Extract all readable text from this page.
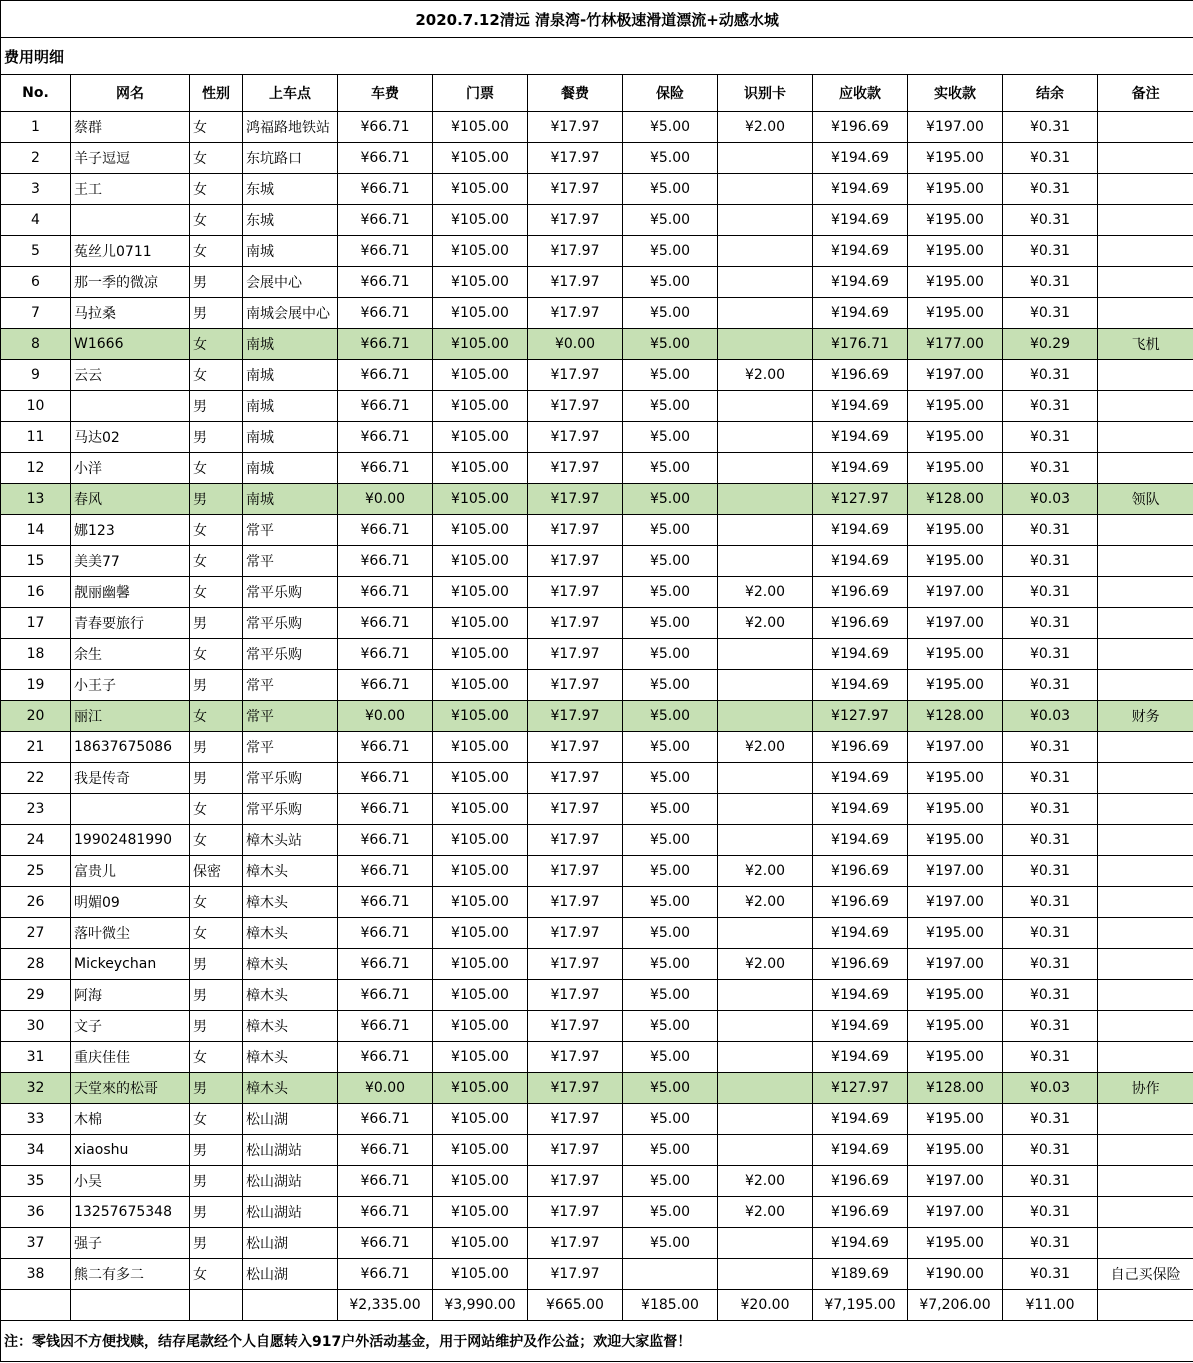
2020.7.12清远 清泉湾-竹林极速滑道漂流+动感水城												
费用明细												
No.	网名	性别	上车点	车费	门票	餐费	保险	识别卡	应收款	实收款	结余	备注
1	蔡群	女	鸿福路地铁站	¥66.71	¥105.00	¥17.97	¥5.00	¥2.00	¥196.69	¥197.00	¥0.31	
2	羊子逗逗	女	东坑路口	¥66.71	¥105.00	¥17.97	¥5.00		¥194.69	¥195.00	¥0.31	
3	王工	女	东城	¥66.71	¥105.00	¥17.97	¥5.00		¥194.69	¥195.00	¥0.31	
4		女	东城	¥66.71	¥105.00	¥17.97	¥5.00		¥194.69	¥195.00	¥0.31	
5	菟丝儿0711	女	南城	¥66.71	¥105.00	¥17.97	¥5.00		¥194.69	¥195.00	¥0.31	
6	那一季的微凉	男	会展中心	¥66.71	¥105.00	¥17.97	¥5.00		¥194.69	¥195.00	¥0.31	
7	马拉桑	男	南城会展中心	¥66.71	¥105.00	¥17.97	¥5.00		¥194.69	¥195.00	¥0.31	
8	W1666	女	南城	¥66.71	¥105.00	¥0.00	¥5.00		¥176.71	¥177.00	¥0.29	飞机
9	云云	女	南城	¥66.71	¥105.00	¥17.97	¥5.00	¥2.00	¥196.69	¥197.00	¥0.31	
10		男	南城	¥66.71	¥105.00	¥17.97	¥5.00		¥194.69	¥195.00	¥0.31	
11	马达02	男	南城	¥66.71	¥105.00	¥17.97	¥5.00		¥194.69	¥195.00	¥0.31	
12	小洋	女	南城	¥66.71	¥105.00	¥17.97	¥5.00		¥194.69	¥195.00	¥0.31	
13	春风	男	南城	¥0.00	¥105.00	¥17.97	¥5.00		¥127.97	¥128.00	¥0.03	领队
14	娜123	女	常平	¥66.71	¥105.00	¥17.97	¥5.00		¥194.69	¥195.00	¥0.31	
15	美美77	女	常平	¥66.71	¥105.00	¥17.97	¥5.00		¥194.69	¥195.00	¥0.31	
16	靓丽幽馨	女	常平乐购	¥66.71	¥105.00	¥17.97	¥5.00	¥2.00	¥196.69	¥197.00	¥0.31	
17	青春要旅行	男	常平乐购	¥66.71	¥105.00	¥17.97	¥5.00	¥2.00	¥196.69	¥197.00	¥0.31	
18	余生	女	常平乐购	¥66.71	¥105.00	¥17.97	¥5.00		¥194.69	¥195.00	¥0.31	
19	小王子	男	常平	¥66.71	¥105.00	¥17.97	¥5.00		¥194.69	¥195.00	¥0.31	
20	丽江	女	常平	¥0.00	¥105.00	¥17.97	¥5.00		¥127.97	¥128.00	¥0.03	财务
21	18637675086	男	常平	¥66.71	¥105.00	¥17.97	¥5.00	¥2.00	¥196.69	¥197.00	¥0.31	
22	我是传奇	男	常平乐购	¥66.71	¥105.00	¥17.97	¥5.00		¥194.69	¥195.00	¥0.31	
23		女	常平乐购	¥66.71	¥105.00	¥17.97	¥5.00		¥194.69	¥195.00	¥0.31	
24	19902481990	女	樟木头站	¥66.71	¥105.00	¥17.97	¥5.00		¥194.69	¥195.00	¥0.31	
25	富贵儿	保密	樟木头	¥66.71	¥105.00	¥17.97	¥5.00	¥2.00	¥196.69	¥197.00	¥0.31	
26	明媚09	女	樟木头	¥66.71	¥105.00	¥17.97	¥5.00	¥2.00	¥196.69	¥197.00	¥0.31	
27	落叶微尘	女	樟木头	¥66.71	¥105.00	¥17.97	¥5.00		¥194.69	¥195.00	¥0.31	
28	Mickeychan	男	樟木头	¥66.71	¥105.00	¥17.97	¥5.00	¥2.00	¥196.69	¥197.00	¥0.31	
29	阿海	男	樟木头	¥66.71	¥105.00	¥17.97	¥5.00		¥194.69	¥195.00	¥0.31	
30	文子	男	樟木头	¥66.71	¥105.00	¥17.97	¥5.00		¥194.69	¥195.00	¥0.31	
31	重庆佳佳	女	樟木头	¥66.71	¥105.00	¥17.97	¥5.00		¥194.69	¥195.00	¥0.31	
32	天堂來的松哥	男	樟木头	¥0.00	¥105.00	¥17.97	¥5.00		¥127.97	¥128.00	¥0.03	协作
33	木棉	女	松山湖	¥66.71	¥105.00	¥17.97	¥5.00		¥194.69	¥195.00	¥0.31	
34	xiaoshu	男	松山湖站	¥66.71	¥105.00	¥17.97	¥5.00		¥194.69	¥195.00	¥0.31	
35	小吴	男	松山湖站	¥66.71	¥105.00	¥17.97	¥5.00	¥2.00	¥196.69	¥197.00	¥0.31	
36	13257675348	男	松山湖站	¥66.71	¥105.00	¥17.97	¥5.00	¥2.00	¥196.69	¥197.00	¥0.31	
37	强子	男	松山湖	¥66.71	¥105.00	¥17.97	¥5.00		¥194.69	¥195.00	¥0.31	
38	熊二有多二	女	松山湖	¥66.71	¥105.00	¥17.97			¥189.69	¥190.00	¥0.31	自己买保险
				¥2,335.00	¥3,990.00	¥665.00	¥185.00	¥20.00	¥7,195.00	¥7,206.00	¥11.00	
注：零钱因不方便找赎，结存尾款经个人自愿转入917户外活动基金，用于网站维护及作公益；欢迎大家监督！												
